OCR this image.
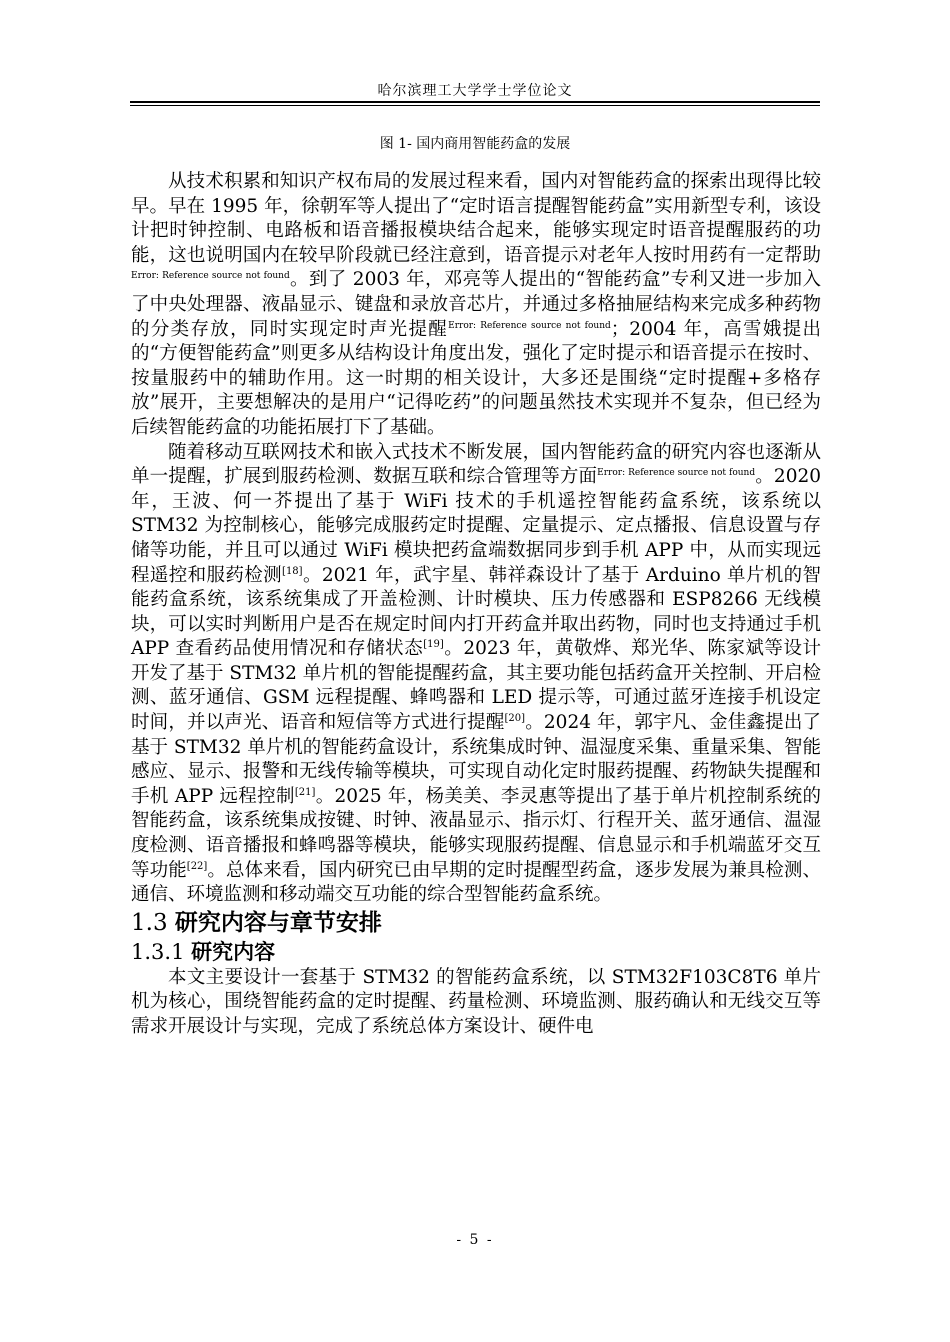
哈尔滨理工大学学士学位论文
图 1- 国内商用智能药盒的发展

从技术积累和知识产权布局的发展过程来看，国内对智能药盒的探索出现得比较早。早在 1995 年，徐朝军等人提出了“定时语言提醒智能药盒”实用新型专利，该设计把时钟控制、电路板和语音播报模块结合起来，能够实现定时语音提醒服药的功能，这也说明国内在较早阶段就已经注意到，语音提示对老年人按时用药有一定帮助$^{Error: Reference source not found}$。到了 2003 年，邓亮等人提出的“智能药盒”专利又进一步加入了中央处理器、液晶显示、键盘和录放音芯片，并通过多格抽屉结构来完成多种药物的分类存放，同时实现定时声光提醒$^{Error: Reference source not found}$；2004 年，高雪娥提出的“方便智能药盒”则更多从结构设计角度出发，强化了定时提示和语音提示在按时、按量服药中的辅助作用。这一时期的相关设计，大多还是围绕“定时提醒+多格存放”展开，主要想解决的是用户“记得吃药”的问题虽然技术实现并不复杂，但已经为后续智能药盒的功能拓展打下了基础。

随着移动互联网技术和嵌入式技术不断发展，国内智能药盒的研究内容也逐渐从单一提醒，扩展到服药检测、数据互联和综合管理等方面$^{Error: Reference source not found}$。2020 年，王波、何一芥提出了基于 WiFi 技术的手机遥控智能药盒系统，该系统以 STM32 为控制核心，能够完成服药定时提醒、定量提示、定点播报、信息设置与存储等功能，并且可以通过 WiFi 模块把药盒端数据同步到手机 APP 中，从而实现远程遥控和服药检测[18]。2021 年，武宇星、韩祥森设计了基于 Arduino 单片机的智能药盒系统，该系统集成了开盖检测、计时模块、压力传感器和 ESP8266 无线模块，可以实时判断用户是否在规定时间内打开药盒并取出药物，同时也支持通过手机 APP 查看药品使用情况和存储状态[19]。2023 年，黄敬烨、郑光华、陈家斌等设计开发了基于 STM32 单片机的智能提醒药盒，其主要功能包括药盒开关控制、开启检测、蓝牙通信、GSM 远程提醒、蜂鸣器和 LED 提示等，可通过蓝牙连接手机设定时间，并以声光、语音和短信等方式进行提醒[20]。2024 年，郭宇凡、金佳鑫提出了基于 STM32 单片机的智能药盒设计，系统集成时钟、温湿度采集、重量采集、智能感应、显示、报警和无线传输等模块，可实现自动化定时服药提醒、药物缺失提醒和手机 APP 远程控制[21]。2025 年，杨美美、李灵惠等提出了基于单片机控制系统的智能药盒，该系统集成按键、时钟、液晶显示、指示灯、行程开关、蓝牙通信、温湿度检测、语音播报和蜂鸣器等模块，能够实现服药提醒、信息显示和手机端蓝牙交互等功能[22]。总体来看，国内研究已由早期的定时提醒型药盒，逐步发展为兼具检测、通信、环境监测和移动端交互功能的综合型智能药盒系统。

1.3 研究内容与章节安排

1.3.1 研究内容

本文主要设计一套基于 STM32 的智能药盒系统，以 STM32F103C8T6 单片机为核心，围绕智能药盒的定时提醒、药量检测、环境监测、服药确认和无线交互等需求开展设计与实现，完成了系统总体方案设计、硬件电

- 5 -
